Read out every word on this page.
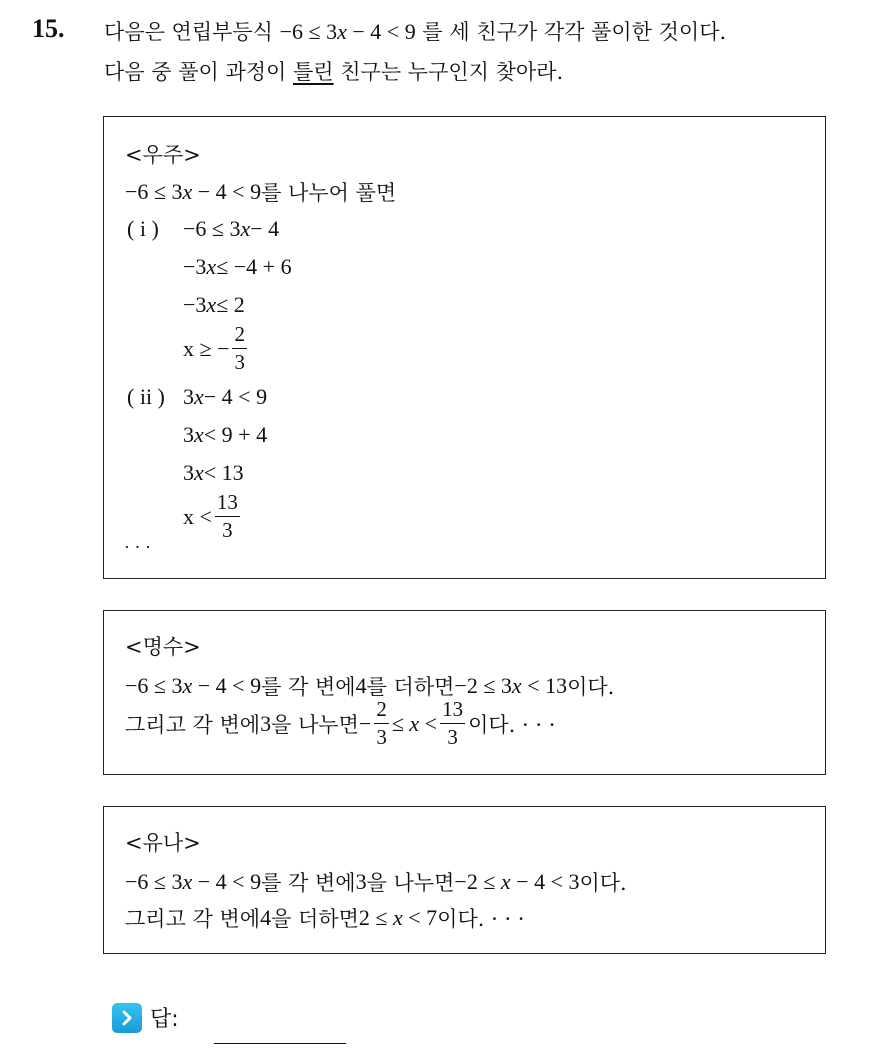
15. 다음은 연립부등식 −6 ≤ 3x − 4 < 9 를 세 친구가 각각 풀이한 것이다.
다음 중 풀이 과정이 틀린 친구는 누구인지 찾아라.
<우주>
−6 ≤ 3x − 4 < 9 를 나누어 풀면
( i ) −6 ≤ 3 x − 4
−3 x ≤ −4 + 6
−3 x ≤ 2
x ≥ − $\frac{2}{3}$
( ii ) 3 x − 4 < 9
3 x < 9 + 4
3 x < 13
$x < \frac{13}{3}$
· · ·
<명수>
−6 ≤ 3x − 4 < 9 를 각 변에 4 를 더하면 −2 ≤ 3x < 13 이다.
그리고 각 변에 3 을 나누면 − $\frac{2}{3} \le x < \frac{13}{3}$ 이다. · · ·
<유나>
−6 ≤ 3x − 4 < 9 를 각 변에 3 을 나누면 −2 ≤ x − 4 < 3 이다.
그리고 각 변에 4 을 더하면 2 ≤ x < 7 이다. · · ·
답:
